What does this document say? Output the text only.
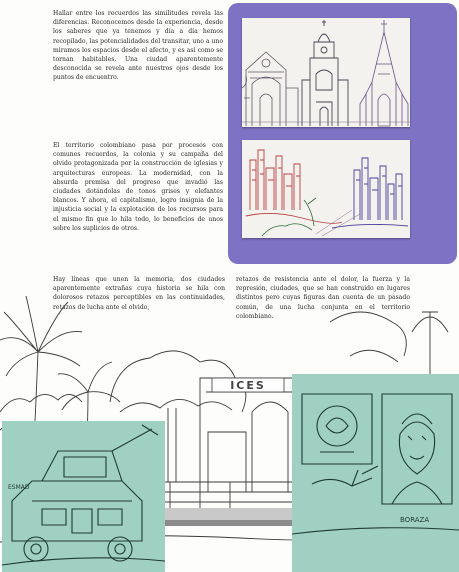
Hallar entre los recuerdos las similitudes revela las diferencias. Reconocemos desde la experiencia, desde los saberes que ya tenemos y día a día hemos recopilado, las potencialidades del transitar, uno a uno miramos los espacios desde el afecto, y es así como se tornan habitables. Una ciudad aparentemente desconocida se revela ante nuestros ojos desde los puntos de encuentro.

El territorio colombiano pasa por procesos con comunes recuerdos, la colonia y su campaña del olvido protagonizada por la construcción de iglesias y arquitecturas europeas. La modernidad, con la absurda premisa del progreso que invadió las ciudades dotándolas de tonos grises y elefantes blancos. Y ahora, el capitalismo, logro insignia de la injusticia social y la explotación de los recursos para el mismo fin que lo hila todo, lo beneficios de unos sobre los suplicios de otros.

Hay líneas que unen la memoria, dos ciudades aparentemente extrañas cuya historia se hila con dolorosos retazos perceptibles en las continuidades, retazos de lucha ante el olvido,

retazos de resistencia ante el dolor, la fuerza y la represión, ciudades, que se han construido en lugares distintos pero cuyas figuras dan cuenta de un pasado común, de una lucha conjunta en el territorio colombiano.

ICES
ESMAD
BORAZA
